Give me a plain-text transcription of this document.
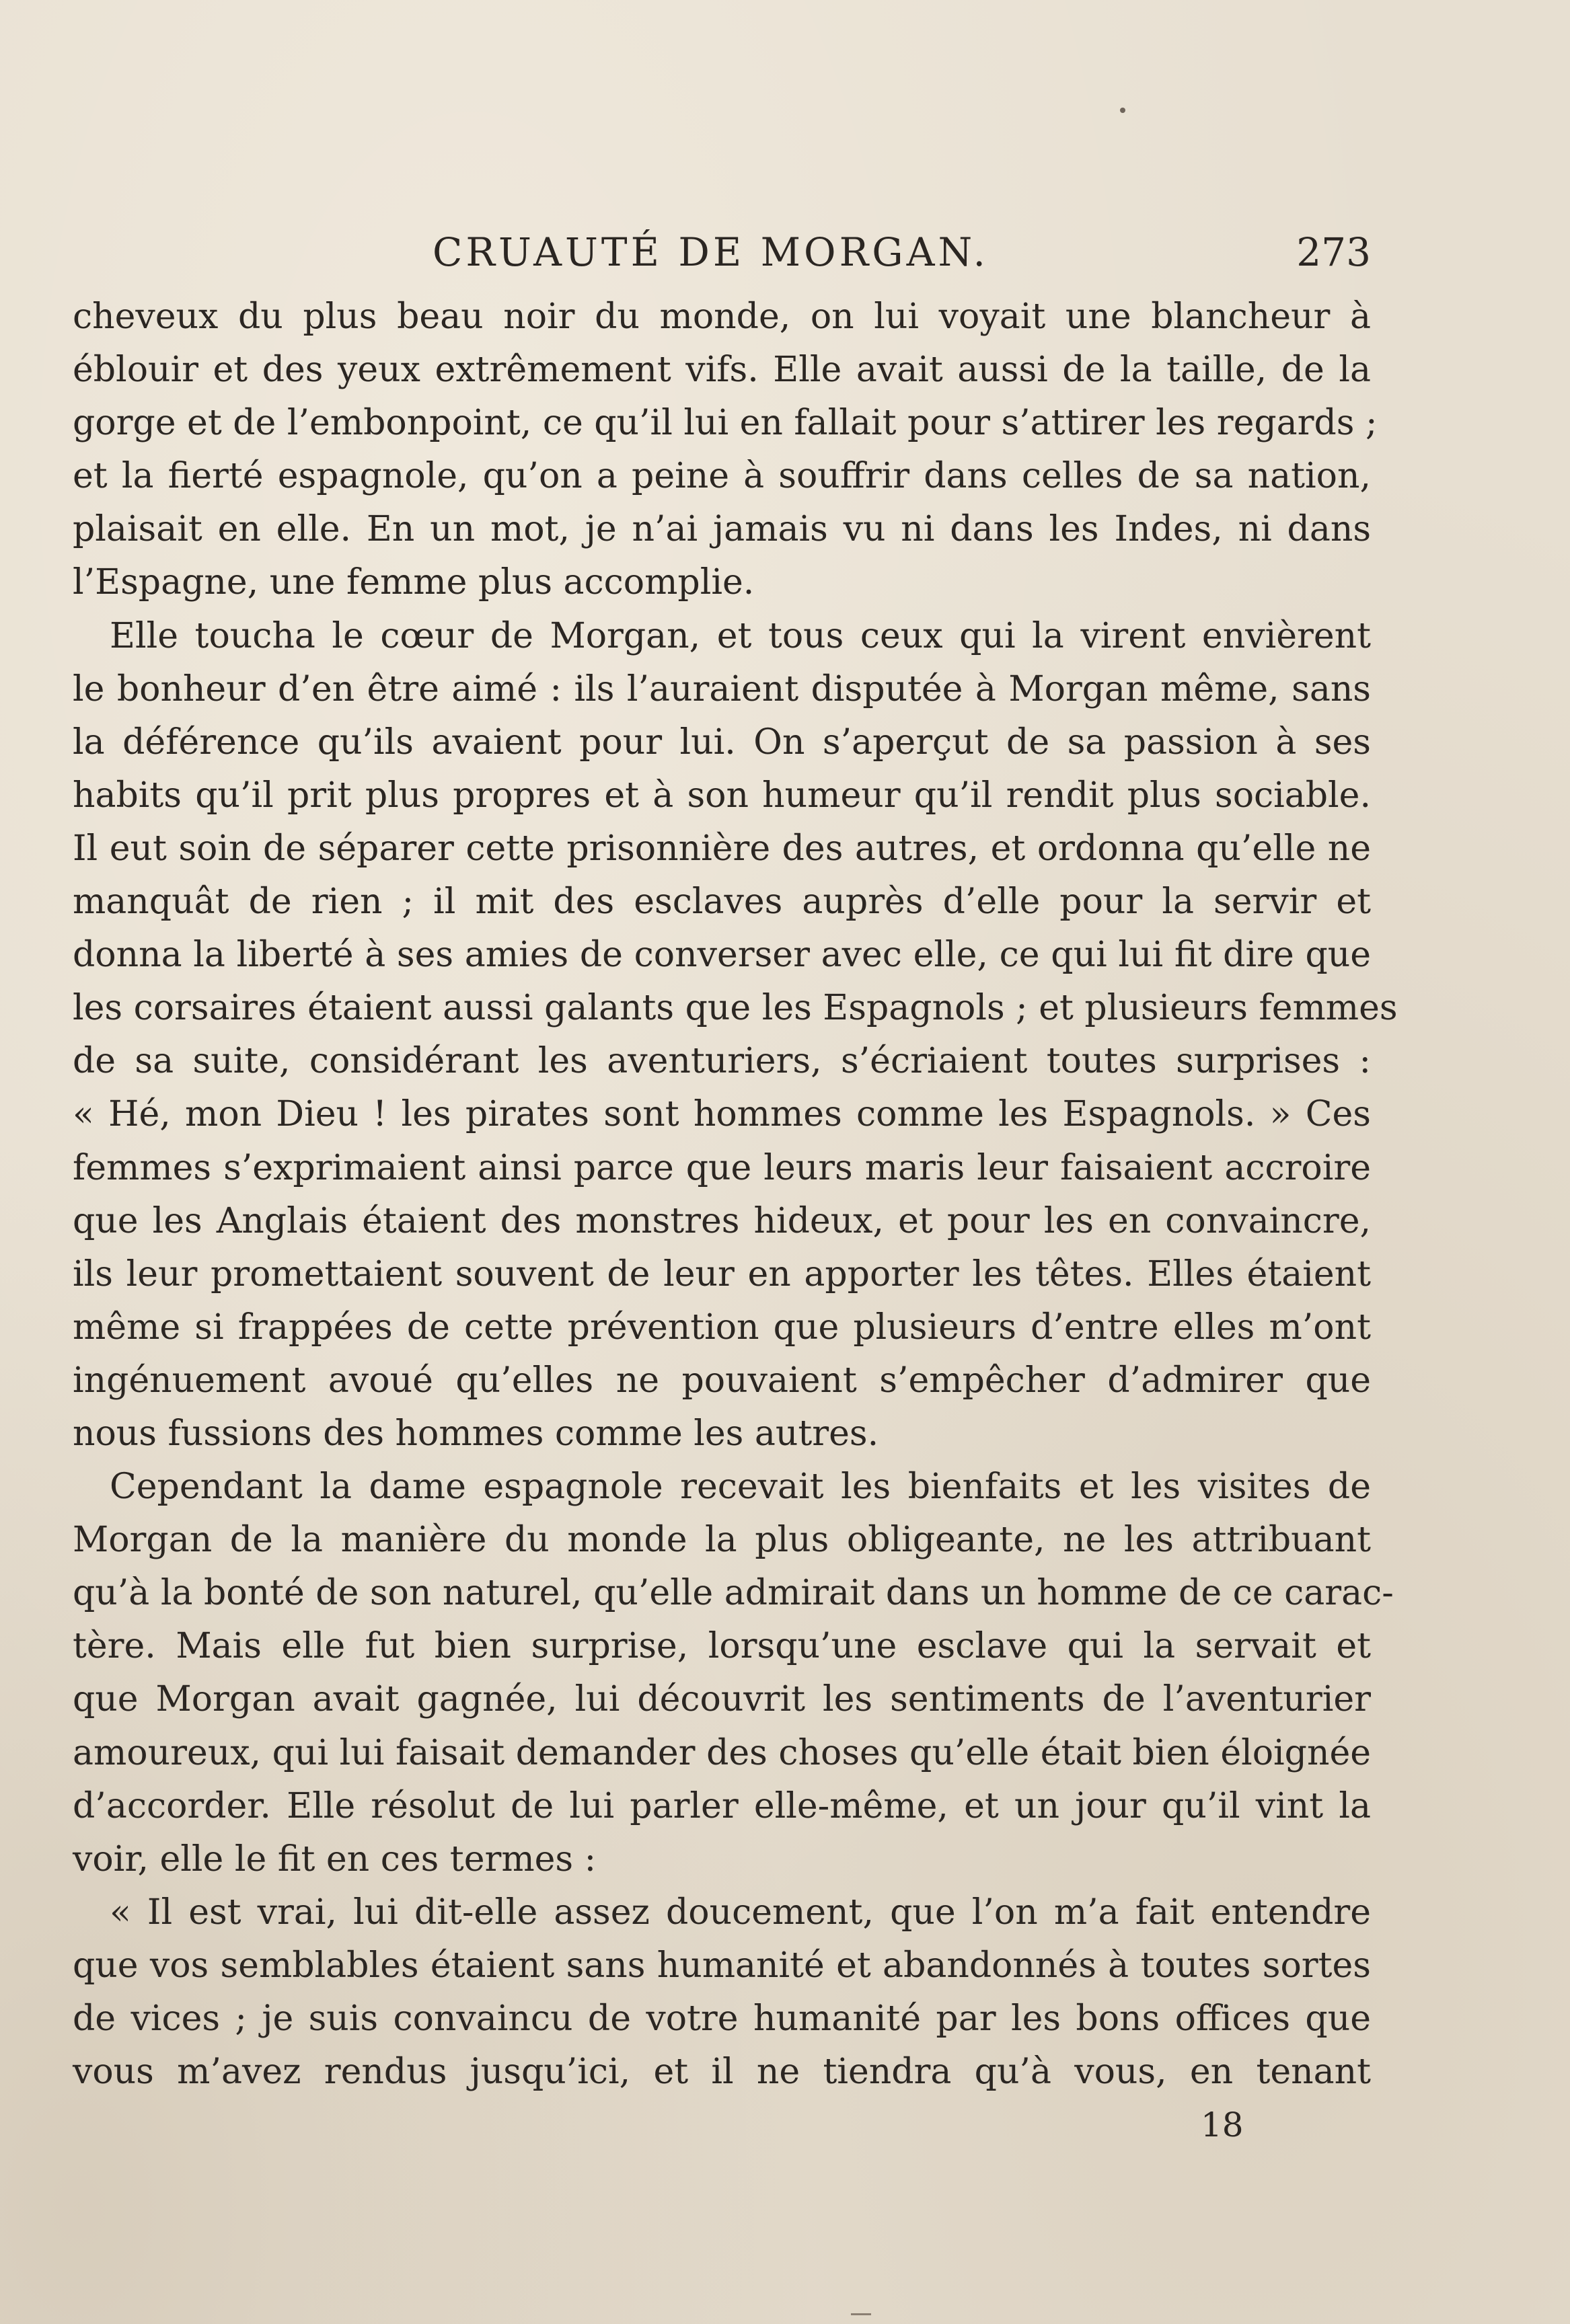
CRUAUTÉ DE MORGAN.	273

cheveux du plus beau noir du monde, on lui voyait une blancheur à
éblouir et des yeux extrêmement vifs. Elle avait aussi de la taille, de la
gorge et de l’embonpoint, ce qu’il lui en fallait pour s’attirer les regards ;
et la fierté espagnole, qu’on a peine à souffrir dans celles de sa nation,
plaisait en elle. En un mot, je n’ai jamais vu ni dans les Indes, ni dans
l’Espagne, une femme plus accomplie.

Elle toucha le cœur de Morgan, et tous ceux qui la virent envièrent
le bonheur d’en être aimé : ils l’auraient disputée à Morgan même, sans
la déférence qu’ils avaient pour lui. On s’aperçut de sa passion à ses
habits qu’il prit plus propres et à son humeur qu’il rendit plus sociable.
Il eut soin de séparer cette prisonnière des autres, et ordonna qu’elle ne
manquât de rien ; il mit des esclaves auprès d’elle pour la servir et
donna la liberté à ses amies de converser avec elle, ce qui lui fit dire que
les corsaires étaient aussi galants que les Espagnols ; et plusieurs femmes
de sa suite, considérant les aventuriers, s’écriaient toutes surprises :
« Hé, mon Dieu ! les pirates sont hommes comme les Espagnols. » Ces
femmes s’exprimaient ainsi parce que leurs maris leur faisaient accroire
que les Anglais étaient des monstres hideux, et pour les en convaincre,
ils leur promettaient souvent de leur en apporter les têtes. Elles étaient
même si frappées de cette prévention que plusieurs d’entre elles m’ont
ingénuement avoué qu’elles ne pouvaient s’empêcher d’admirer que
nous fussions des hommes comme les autres.

Cependant la dame espagnole recevait les bienfaits et les visites de
Morgan de la manière du monde la plus obligeante, ne les attribuant
qu’à la bonté de son naturel, qu’elle admirait dans un homme de ce carac-
tère. Mais elle fut bien surprise, lorsqu’une esclave qui la servait et
que Morgan avait gagnée, lui découvrit les sentiments de l’aventurier
amoureux, qui lui faisait demander des choses qu’elle était bien éloignée
d’accorder. Elle résolut de lui parler elle-même, et un jour qu’il vint la
voir, elle le fit en ces termes :

« Il est vrai, lui dit-elle assez doucement, que l’on m’a fait entendre
que vos semblables étaient sans humanité et abandonnés à toutes sortes
de vices ; je suis convaincu de votre humanité par les bons offices que
vous m’avez rendus jusqu’ici, et il ne tiendra qu’à vous, en tenant

18
